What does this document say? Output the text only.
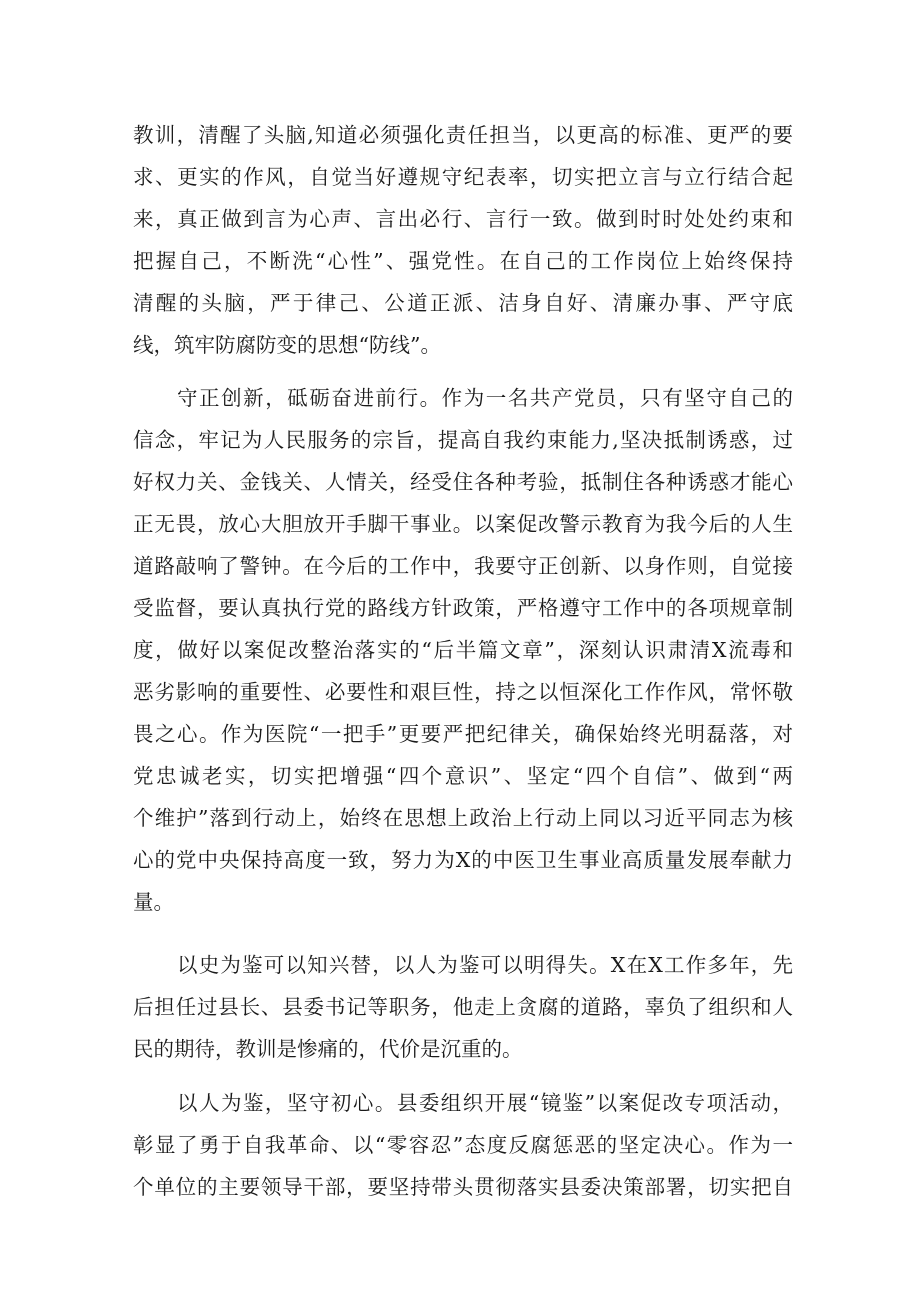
教训，清醒了头脑,知道必须强化责任担当，以更高的标准、更严的要
求、更实的作风，自觉当好遵规守纪表率，切实把立言与立行结合起
来，真正做到言为心声、言出必行、言行一致。做到时时处处约束和
把握自己，不断洗“心性”、强党性。在自己的工作岗位上始终保持
清醒的头脑，严于律己、公道正派、洁身自好、清廉办事、严守底
线，筑牢防腐防变的思想“防线”。
守正创新，砥砺奋进前行。作为一名共产党员，只有坚守自己的
信念，牢记为人民服务的宗旨，提高自我约束能力,坚决抵制诱惑，过
好权力关、金钱关、人情关，经受住各种考验，抵制住各种诱惑才能心
正无畏，放心大胆放开手脚干事业。以案促改警示教育为我今后的人生
道路敲响了警钟。在今后的工作中，我要守正创新、以身作则，自觉接
受监督，要认真执行党的路线方针政策，严格遵守工作中的各项规章制
度，做好以案促改整治落实的“后半篇文章”，深刻认识肃清X流毒和
恶劣影响的重要性、必要性和艰巨性，持之以恒深化工作作风，常怀敬
畏之心。作为医院“一把手”更要严把纪律关，确保始终光明磊落，对
党忠诚老实，切实把增强“四个意识”、坚定“四个自信”、做到“两
个维护”落到行动上，始终在思想上政治上行动上同以习近平同志为核
心的党中央保持高度一致，努力为X的中医卫生事业高质量发展奉献力
量。
以史为鉴可以知兴替，以人为鉴可以明得失。X在X工作多年，先
后担任过县长、县委书记等职务，他走上贪腐的道路，辜负了组织和人
民的期待，教训是惨痛的，代价是沉重的。
以人为鉴，坚守初心。县委组织开展“镜鉴”以案促改专项活动，
彰显了勇于自我革命、以“零容忍”态度反腐惩恶的坚定决心。作为一
个单位的主要领导干部，要坚持带头贯彻落实县委决策部署，切实把自
